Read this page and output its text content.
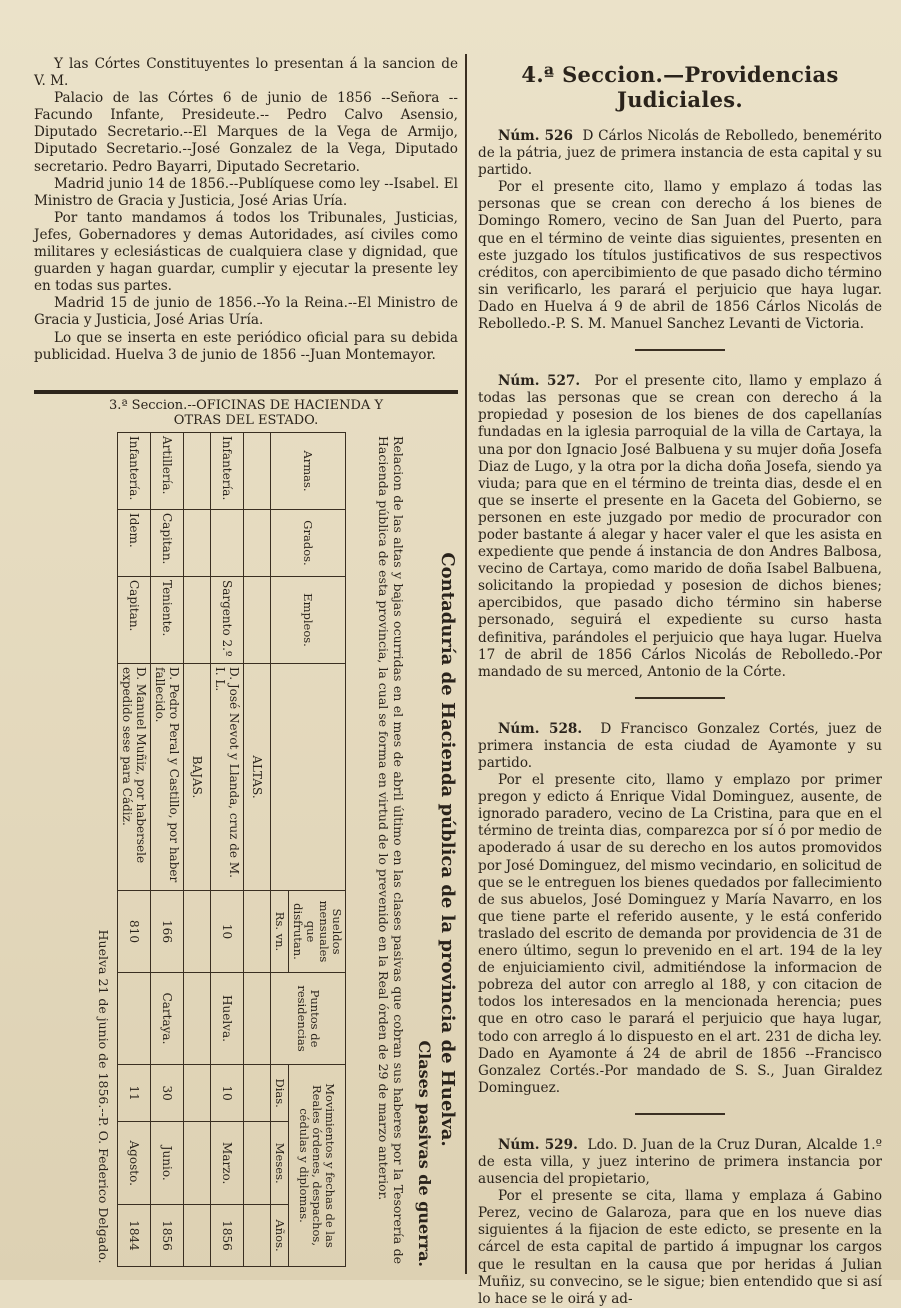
Y las Córtes Constituyentes lo presentan á la sancion de V. M.

Palacio de las Córtes 6 de junio de 1856 --Señora --Facundo Infante, Presideute.-- Pedro Calvo Asensio, Diputado Secretario.--El Marques de la Vega de Armijo, Diputado Secretario.--José Gonzalez de la Vega, Diputado secretario. Pedro Bayarri, Diputado Secretario.

Madrid junio 14 de 1856.--Publíquese como ley --Isabel. El Ministro de Gracia y Justicia, José Arias Uría.

Por tanto mandamos á todos los Tribunales, Justicias, Jefes, Gobernadores y demas Autoridades, así civiles como militares y eclesiásticas de cualquiera clase y dignidad, que guarden y hagan guardar, cumplir y ejecutar la presente ley en todas sus partes.

Madrid 15 de junio de 1856.--Yo la Reina.--El Ministro de Gracia y Justicia, José Arias Uría.

Lo que se inserta en este periódico oficial para su debida publicidad. Huelva 3 de junio de 1856 --Juan Montemayor.

3.ª Seccion.--OFICINAS DE HACIENDA Y
OTRAS DEL ESTADO.
Contaduría de Hacienda pública de la provincia de Huelva.
Clases pasivas de guerra.
Relacion de las altas y bajas ocurridas en el mes de abril último en las clases pasivas que cobran sus haberes por la Tesorería de Hacienda pública de esta provincia, la cual se forma en virtud de lo prevenido en la Real órden de 29 de marzo anterior.
Armas.	Grados.	Empleos.		Sueldos mensuales que disfrutan.	Puntos de residencias	Movimientos y fechas de las Reales órdenes, despachos, cédulas y diplomas.		
				Rs. vn.		Dias.	Meses.	Años.
			ALTAS.					
Infantería.		Sargento 2.º	D. José Nevot y Llanda, cruz de M. I. L.	10	Huelva.	10	Marzo.	1856
			BAJAS.					
Artillería.	Capitan.	Teniente.	D. Pedro Peral y Castillo, por haber fallecido.	166	Cartaya.	30	Junio.	1856
Infantería.	Idem.	Capitan.	D. Manuel Muñiz, por habersele expedido sese para Cádiz.	810		11	Agosto.	1844
Huelva 21 de junio de 1856.--P. O. Federico Delgado.								
4.ª Seccion.—Providencias Judiciales.

Núm. 526 D Cárlos Nicolás de Rebolledo, benemérito de la pátria, juez de primera instancia de esta capital y su partido.

Por el presente cito, llamo y emplazo á todas las personas que se crean con derecho á los bienes de Domingo Romero, vecino de San Juan del Puerto, para que en el término de veinte dias siguientes, presenten en este juzgado los títulos justificativos de sus respectivos créditos, con apercibimiento de que pasado dicho término sin verificarlo, les parará el perjuicio que haya lugar. Dado en Huelva á 9 de abril de 1856 Cárlos Nicolás de Rebolledo.-P. S. M. Manuel Sanchez Levanti de Victoria.

Núm. 527. Por el presente cito, llamo y emplazo á todas las personas que se crean con derecho á la propiedad y posesion de los bienes de dos capellanías fundadas en la iglesia parroquial de la villa de Cartaya, la una por don Ignacio José Balbuena y su mujer doña Josefa Diaz de Lugo, y la otra por la dicha doña Josefa, siendo ya viuda; para que en el término de treinta dias, desde el en que se inserte el presente en la Gaceta del Gobierno, se personen en este juzgado por medio de procurador con poder bastante á alegar y hacer valer el que les asista en expediente que pende á instancia de don Andres Balbosa, vecino de Cartaya, como marido de doña Isabel Balbuena, solicitando la propiedad y posesion de dichos bienes; apercibidos, que pasado dicho término sin haberse personado, seguirá el expediente su curso hasta definitiva, parándoles el perjuicio que haya lugar. Huelva 17 de abril de 1856 Cárlos Nicolás de Rebolledo.-Por mandado de su merced, Antonio de la Córte.

Núm. 528. D Francisco Gonzalez Cortés, juez de primera instancia de esta ciudad de Ayamonte y su partido.

Por el presente cito, llamo y emplazo por primer pregon y edicto á Enrique Vidal Dominguez, ausente, de ignorado paradero, vecino de La Cristina, para que en el término de treinta dias, comparezca por sí ó por medio de apoderado á usar de su derecho en los autos promovidos por José Dominguez, del mismo vecindario, en solicitud de que se le entreguen los bienes quedados por fallecimiento de sus abuelos, José Dominguez y María Navarro, en los que tiene parte el referido ausente, y le está conferido traslado del escrito de demanda por providencia de 31 de enero último, segun lo prevenido en el art. 194 de la ley de enjuiciamiento civil, admitiéndose la informacion de pobreza del autor con arreglo al 188, y con citacion de todos los interesados en la mencionada herencia; pues que en otro caso le parará el perjuicio que haya lugar, todo con arreglo á lo dispuesto en el art. 231 de dicha ley. Dado en Ayamonte á 24 de abril de 1856 --Francisco Gonzalez Cortés.-Por mandado de S. S., Juan Giraldez Dominguez.

Núm. 529. Ldo. D. Juan de la Cruz Duran, Alcalde 1.º de esta villa, y juez interino de primera instancia por ausencia del propietario,

Por el presente se cita, llama y emplaza á Gabino Perez, vecino de Galaroza, para que en los nueve dias siguientes á la fijacion de este edicto, se presente en la cárcel de esta capital de partido á impugnar los cargos que le resultan en la causa que por heridas á Julian Muñiz, su convecino, se le sigue; bien entendido que si así lo hace se le oirá y ad-
